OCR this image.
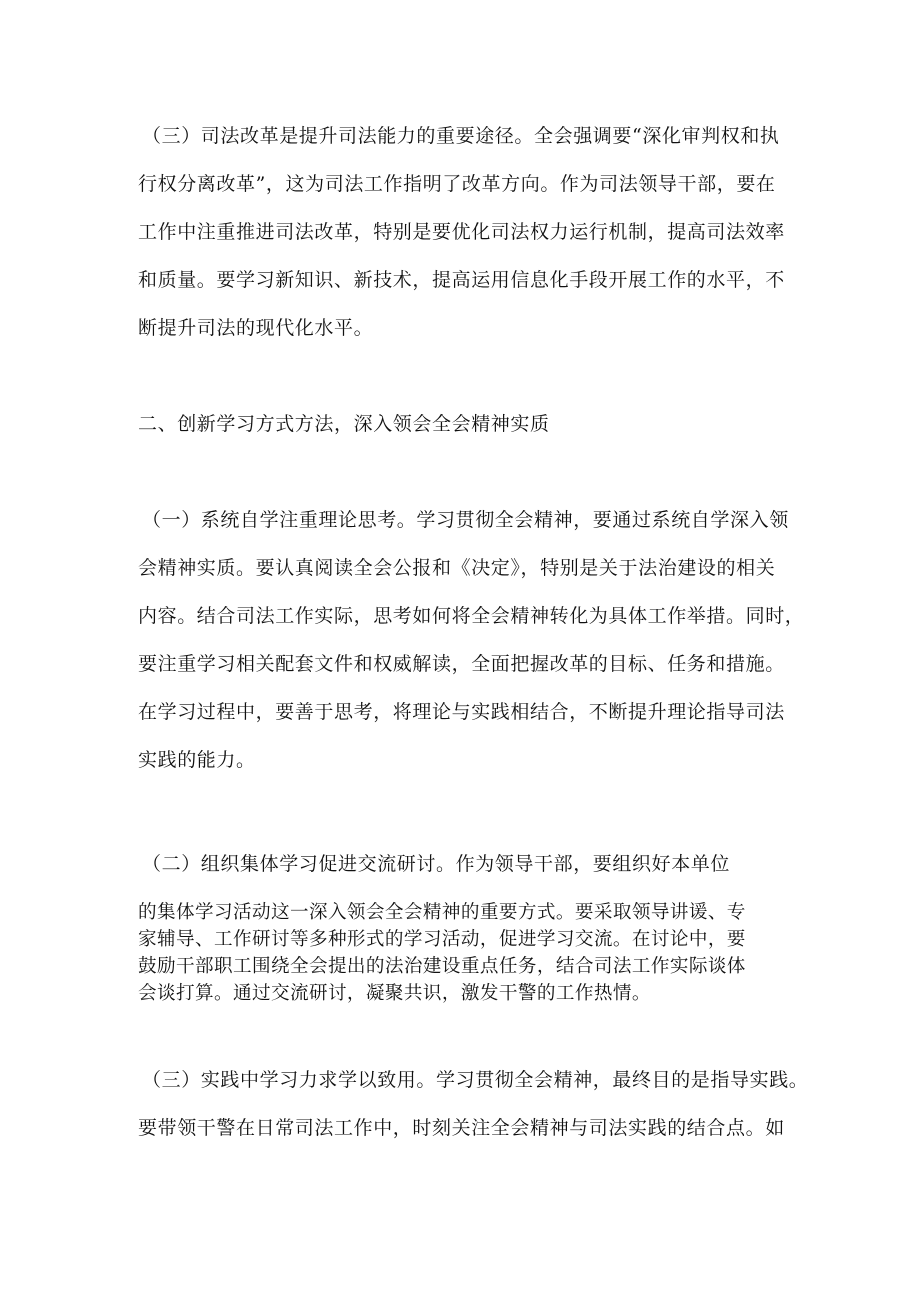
（三）司法改革是提升司法能力的重要途径。全会强调要“深化审判权和执
行权分离改革”，这为司法工作指明了改革方向。作为司法领导干部，要在
工作中注重推进司法改革，特别是要优化司法权力运行机制，提高司法效率
和质量。要学习新知识、新技术，提高运用信息化手段开展工作的水平，不
断提升司法的现代化水平。
二、创新学习方式方法，深入领会全会精神实质
（一）系统自学注重理论思考。学习贯彻全会精神，要通过系统自学深入领
会精神实质。要认真阅读全会公报和《决定》，特别是关于法治建设的相关
内容。结合司法工作实际，思考如何将全会精神转化为具体工作举措。同时，
要注重学习相关配套文件和权威解读，全面把握改革的目标、任务和措施。
在学习过程中，要善于思考，将理论与实践相结合，不断提升理论指导司法
实践的能力。
（二）组织集体学习促进交流研讨。作为领导干部，要组织好本单位
的集体学习活动这一深入领会全会精神的重要方式。要采取领导讲谖、专
家辅导、工作研讨等多种形式的学习活动，促进学习交流。在讨论中，要
鼓励干部职工围绕全会提出的法治建设重点任务，结合司法工作实际谈体
会谈打算。通过交流研讨，凝聚共识，激发干警的工作热情。
（三）实践中学习力求学以致用。学习贯彻全会精神，最终目的是指导实践。
要带领干警在日常司法工作中，时刻关注全会精神与司法实践的结合点。如
